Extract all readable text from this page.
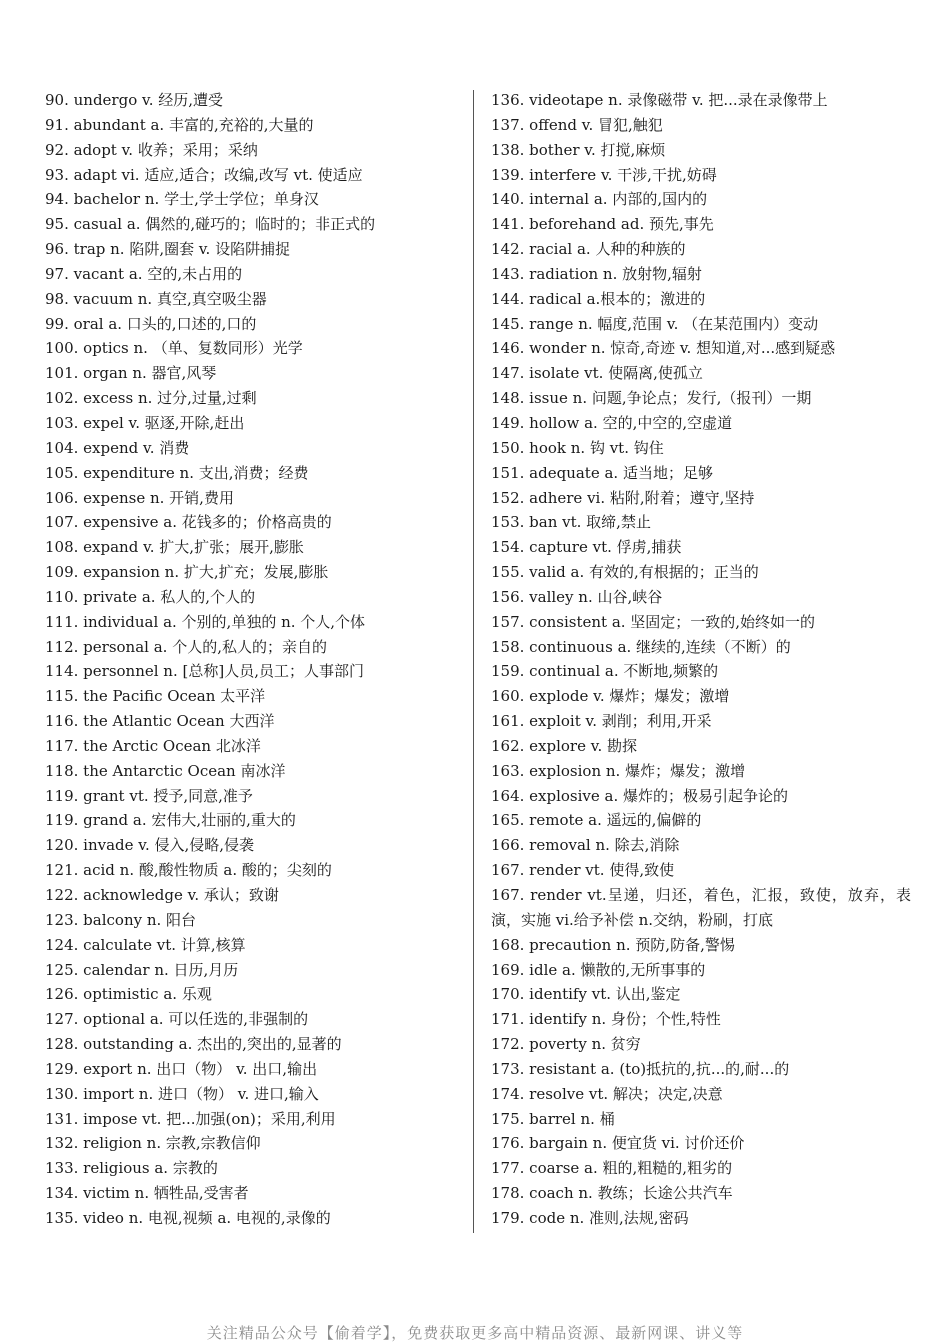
90. undergo v. 经历,遭受
91. abundant a. 丰富的,充裕的,大量的
92. adopt v. 收养；采用；采纳
93. adapt vi. 适应,适合；改编,改写 vt. 使适应
94. bachelor n. 学士,学士学位；单身汉
95. casual a. 偶然的,碰巧的；临时的；非正式的
96. trap n. 陷阱,圈套 v. 设陷阱捕捉
97. vacant a. 空的,未占用的
98. vacuum n. 真空,真空吸尘器
99. oral a. 口头的,口述的,口的
100. optics n. （单、复数同形）光学
101. organ n. 器官,风琴
102. excess n. 过分,过量,过剩
103. expel v. 驱逐,开除,赶出
104. expend v. 消费
105. expenditure n. 支出,消费；经费
106. expense n. 开销,费用
107. expensive a. 花钱多的；价格高贵的
108. expand v. 扩大,扩张；展开,膨胀
109. expansion n. 扩大,扩充；发展,膨胀
110. private a. 私人的,个人的
111. individual a. 个别的,单独的 n. 个人,个体
112. personal a. 个人的,私人的；亲自的
114. personnel n. [总称]人员,员工；人事部门
115. the Pacific Ocean 太平洋
116. the Atlantic Ocean 大西洋
117. the Arctic Ocean 北冰洋
118. the Antarctic Ocean 南冰洋
119. grant vt. 授予,同意,准予
119. grand a. 宏伟大,壮丽的,重大的
120. invade v. 侵入,侵略,侵袭
121. acid n. 酸,酸性物质 a. 酸的；尖刻的
122. acknowledge v. 承认；致谢
123. balcony n. 阳台
124. calculate vt. 计算,核算
125. calendar n. 日历,月历
126. optimistic a. 乐观
127. optional a. 可以任选的,非强制的
128. outstanding a. 杰出的,突出的,显著的
129. export n. 出口（物） v. 出口,输出
130. import n. 进口（物） v. 进口,输入
131. impose vt. 把...加强(on)；采用,利用
132. religion n. 宗教,宗教信仰
133. religious a. 宗教的
134. victim n. 牺牲品,受害者
135. video n. 电视,视频 a. 电视的,录像的
136. videotape n. 录像磁带 v. 把...录在录像带上
137. offend v. 冒犯,触犯
138. bother v. 打搅,麻烦
139. interfere v. 干涉,干扰,妨碍
140. internal a. 内部的,国内的
141. beforehand ad. 预先,事先
142. racial a. 人种的种族的
143. radiation n. 放射物,辐射
144. radical a.根本的；激进的
145. range n. 幅度,范围 v. （在某范围内）变动
146. wonder n. 惊奇,奇迹 v. 想知道,对...感到疑惑
147. isolate vt. 使隔离,使孤立
148. issue n. 问题,争论点；发行,（报刊）一期
149. hollow a. 空的,中空的,空虚道
150. hook n. 钩 vt. 钩住
151. adequate a. 适当地；足够
152. adhere vi. 粘附,附着；遵守,坚持
153. ban vt. 取缔,禁止
154. capture vt. 俘虏,捕获
155. valid a. 有效的,有根据的；正当的
156. valley n. 山谷,峡谷
157. consistent a. 坚固定；一致的,始终如一的
158. continuous a. 继续的,连续（不断）的
159. continual a. 不断地,频繁的
160. explode v. 爆炸；爆发；激增
161. exploit v. 剥削；利用,开采
162. explore v. 勘探
163. explosion n. 爆炸；爆发；激增
164. explosive a. 爆炸的；极易引起争论的
165. remote a. 遥远的,偏僻的
166. removal n. 除去,消除
167. render vt. 使得,致使
167. render vt.呈递，归还，着色，汇报，致使，放弃，表演，实施 vi.给予补偿 n.交纳，粉刷，打底
168. precaution n. 预防,防备,警惕
169. idle a. 懒散的,无所事事的
170. identify vt. 认出,鉴定
171. identify n. 身份；个性,特性
172. poverty n. 贫穷
173. resistant a. (to)抵抗的,抗...的,耐...的
174. resolve vt. 解决；决定,决意
175. barrel n. 桶
176. bargain n. 便宜货 vi. 讨价还价
177. coarse a. 粗的,粗糙的,粗劣的
178. coach n. 教练；长途公共汽车
179. code n. 准则,法规,密码
关注精品公众号【偷着学】，免费获取更多高中精品资源、最新网课、讲义等
